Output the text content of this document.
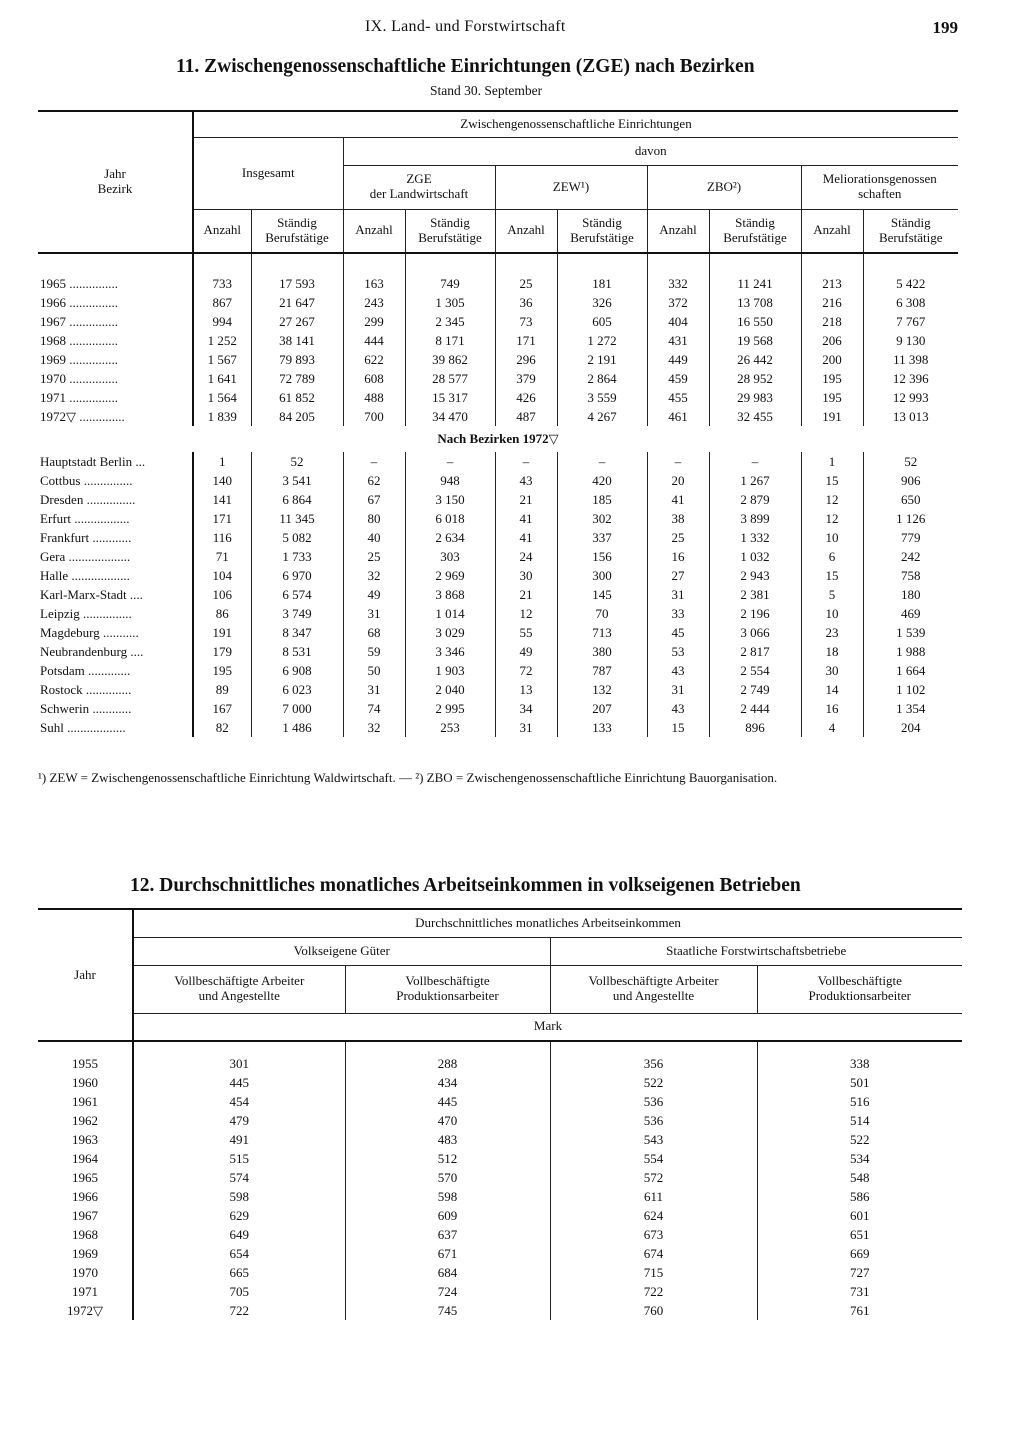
IX. Land- und Forstwirtschaft	199
11. Zwischengenossenschaftliche Einrichtungen (ZGE) nach Bezirken
Stand 30. September
Jahr
Bezirk	Zwischengenossenschaftliche Einrichtungen									
	Insgesamt		davon							
			ZGE
der Landwirtschaft		ZEW¹)		ZBO²)		Meliorationsgenossen
schaften	
	Anzahl	Ständig
Berufstätige	Anzahl	Ständig
Berufstätige	Anzahl	Ständig
Berufstätige	Anzahl	Ständig
Berufstätige	Anzahl	Ständig
Berufstätige

1965 ...............	733	17 593	163	749	25	181	332	11 241	213	5 422
1966 ...............	867	21 647	243	1 305	36	326	372	13 708	216	6 308
1967 ...............	994	27 267	299	2 345	73	605	404	16 550	218	7 767
1968 ...............	1 252	38 141	444	8 171	171	1 272	431	19 568	206	9 130
1969 ...............	1 567	79 893	622	39 862	296	2 191	449	26 442	200	11 398
1970 ...............	1 641	72 789	608	28 577	379	2 864	459	28 952	195	12 396
1971 ...............	1 564	61 852	488	15 317	426	3 559	455	29 983	195	12 993
1972▽ ..............	1 839	84 205	700	34 470	487	4 267	461	32 455	191	13 013
Nach Bezirken 1972▽										
Hauptstadt Berlin ...	1	52	–	–	–	–	–	–	1	52
Cottbus ...............	140	3 541	62	948	43	420	20	1 267	15	906
Dresden ...............	141	6 864	67	3 150	21	185	41	2 879	12	650
Erfurt .................	171	11 345	80	6 018	41	302	38	3 899	12	1 126
Frankfurt ............	116	5 082	40	2 634	41	337	25	1 332	10	779
Gera ...................	71	1 733	25	303	24	156	16	1 032	6	242
Halle ..................	104	6 970	32	2 969	30	300	27	2 943	15	758
Karl-Marx-Stadt ....	106	6 574	49	3 868	21	145	31	2 381	5	180
Leipzig ...............	86	3 749	31	1 014	12	70	33	2 196	10	469
Magdeburg ...........	191	8 347	68	3 029	55	713	45	3 066	23	1 539
Neubrandenburg ....	179	8 531	59	3 346	49	380	53	2 817	18	1 988
Potsdam .............	195	6 908	50	1 903	72	787	43	2 554	30	1 664
Rostock ..............	89	6 023	31	2 040	13	132	31	2 749	14	1 102
Schwerin ............	167	7 000	74	2 995	34	207	43	2 444	16	1 354
Suhl ..................	82	1 486	32	253	31	133	15	896	4	204
¹) ZEW = Zwischengenossenschaftliche Einrichtung Waldwirtschaft. — ²) ZBO = Zwischengenossenschaftliche Einrichtung Bauorganisation.
12. Durchschnittliches monatliches Arbeitseinkommen in volkseigenen Betrieben
Jahr	Durchschnittliches monatliches Arbeitseinkommen			
	Volkseigene Güter		Staatliche Forstwirtschaftsbetriebe	
	Vollbeschäftigte Arbeiter
und Angestellte	Vollbeschäftigte
Produktionsarbeiter	Vollbeschäftigte Arbeiter
und Angestellte	Vollbeschäftigte
Produktionsarbeiter
	Mark			

1955	301	288	356	338
1960	445	434	522	501
1961	454	445	536	516
1962	479	470	536	514
1963	491	483	543	522
1964	515	512	554	534
1965	574	570	572	548
1966	598	598	611	586
1967	629	609	624	601
1968	649	637	673	651
1969	654	671	674	669
1970	665	684	715	727
1971	705	724	722	731
1972▽	722	745	760	761
